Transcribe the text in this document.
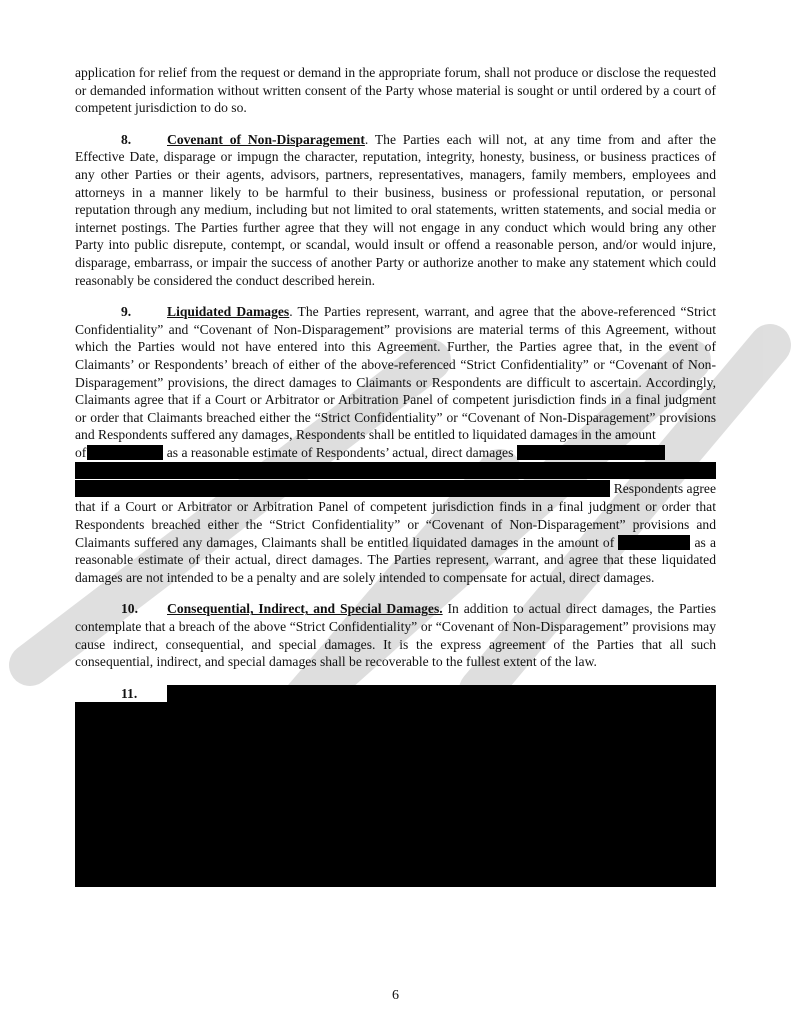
application for relief from the request or demand in the appropriate forum, shall not produce or disclose the requested or demanded information without written consent of the Party whose material is sought or until ordered by a court of competent jurisdiction to do so.

8.	Covenant of Non-Disparagement. The Parties each will not, at any time from and after the Effective Date, disparage or impugn the character, reputation, integrity, honesty, business, or business practices of any other Parties or their agents, advisors, partners, representatives, managers, family members, employees and attorneys in a manner likely to be harmful to their business, business or professional reputation, or personal reputation through any medium, including but not limited to oral statements, written statements, and social media or internet postings. The Parties further agree that they will not engage in any conduct which would bring any other Party into public disrepute, contempt, or scandal, would insult or offend a reasonable person, and/or would injure, disparage, embarrass, or impair the success of another Party or authorize another to make any statement which could reasonably be considered the conduct described herein.

9.	Liquidated Damages. The Parties represent, warrant, and agree that the above-referenced “Strict Confidentiality” and “Covenant of Non-Disparagement” provisions are material terms of this Agreement, without which the Parties would not have entered into this Agreement. Further, the Parties agree that, in the event of Claimants’ or Respondents’ breach of either of the above-referenced “Strict Confidentiality” or “Covenant of Non-Disparagement” provisions, the direct damages to Claimants or Respondents are difficult to ascertain. Accordingly, Claimants agree that if a Court or Arbitrator or Arbitration Panel of competent jurisdiction finds in a final judgment or order that Claimants breached either the “Strict Confidentiality” or “Covenant of Non-Disparagement” provisions and Respondents suffered any damages, Respondents shall be entitled to liquidated damages in the amount

of	as a reasonable estimate of Respondents’ actual, direct damages

Respondents agree

that if a Court or Arbitrator or Arbitration Panel of competent jurisdiction finds in a final judgment or order that Respondents breached either the “Strict Confidentiality” or “Covenant of Non-Disparagement” provisions and Claimants suffered any damages, Claimants shall be entitled liquidated damages in the amount of	as a reasonable estimate of their actual, direct damages. The Parties represent, warrant, and agree that these liquidated damages are not intended to be a penalty and are solely intended to compensate for actual, direct damages.

10. Consequential, Indirect, and Special Damages. In addition to actual direct damages, the Parties contemplate that a breach of the above “Strict Confidentiality” or “Covenant of Non-Disparagement” provisions may cause indirect, consequential, and special damages. It is the express agreement of the Parties that all such consequential, indirect, and special damages shall be recoverable to the fullest extent of the law.

11.
6
